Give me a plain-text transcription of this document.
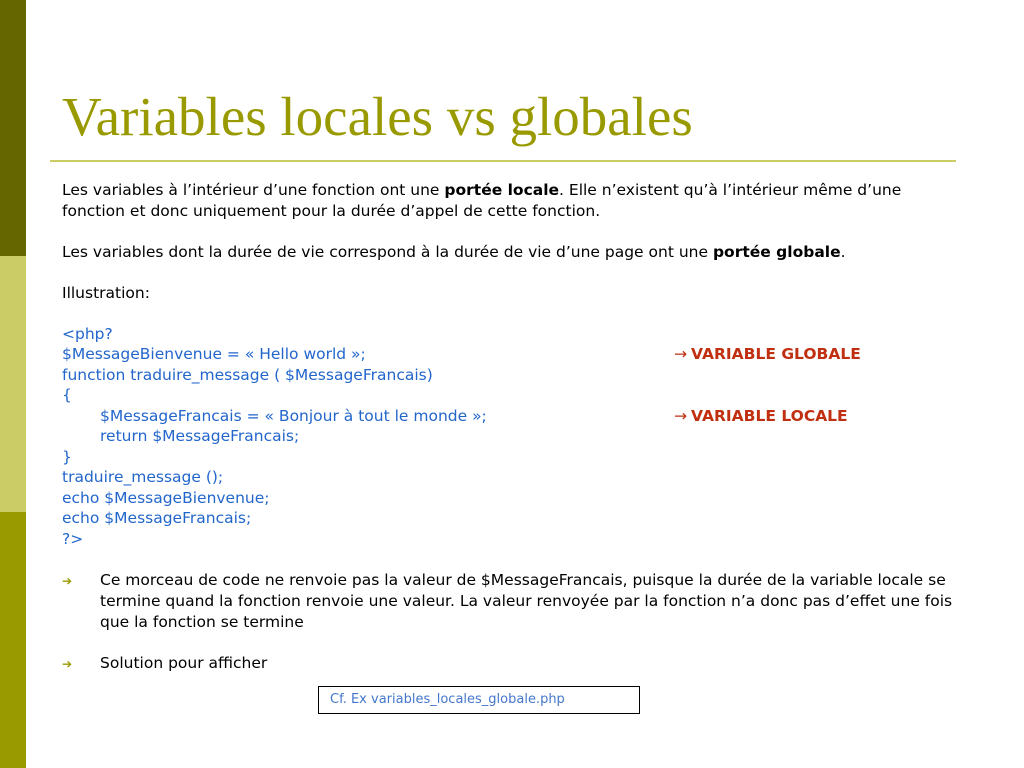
Variables locales vs globales

Les variables à l’intérieur d’une fonction ont une portée locale. Elle n’existent qu’à l’intérieur même d’une fonction et donc uniquement pour la durée d’appel de cette fonction.

Les variables dont la durée de vie correspond à la durée de vie d’une page ont une portée globale.

Illustration:

<php?
$MessageBienvenue = « Hello world »;	→ VARIABLE GLOBALE
function traduire_message ( $MessageFrancais)
{
$MessageFrancais = « Bonjour à tout le monde »;	→ VARIABLE LOCALE
return $MessageFrancais;
}
traduire_message ();
echo $MessageBienvenue;
echo $MessageFrancais;
?>

➔ Ce morceau de code ne renvoie pas la valeur de $MessageFrancais, puisque la durée de la variable locale se termine quand la fonction renvoie une valeur. La valeur renvoyée par la fonction n’a donc pas d’effet une fois que la fonction se termine

➔ Solution pour afficher

Cf. Ex variables_locales_globale.php
